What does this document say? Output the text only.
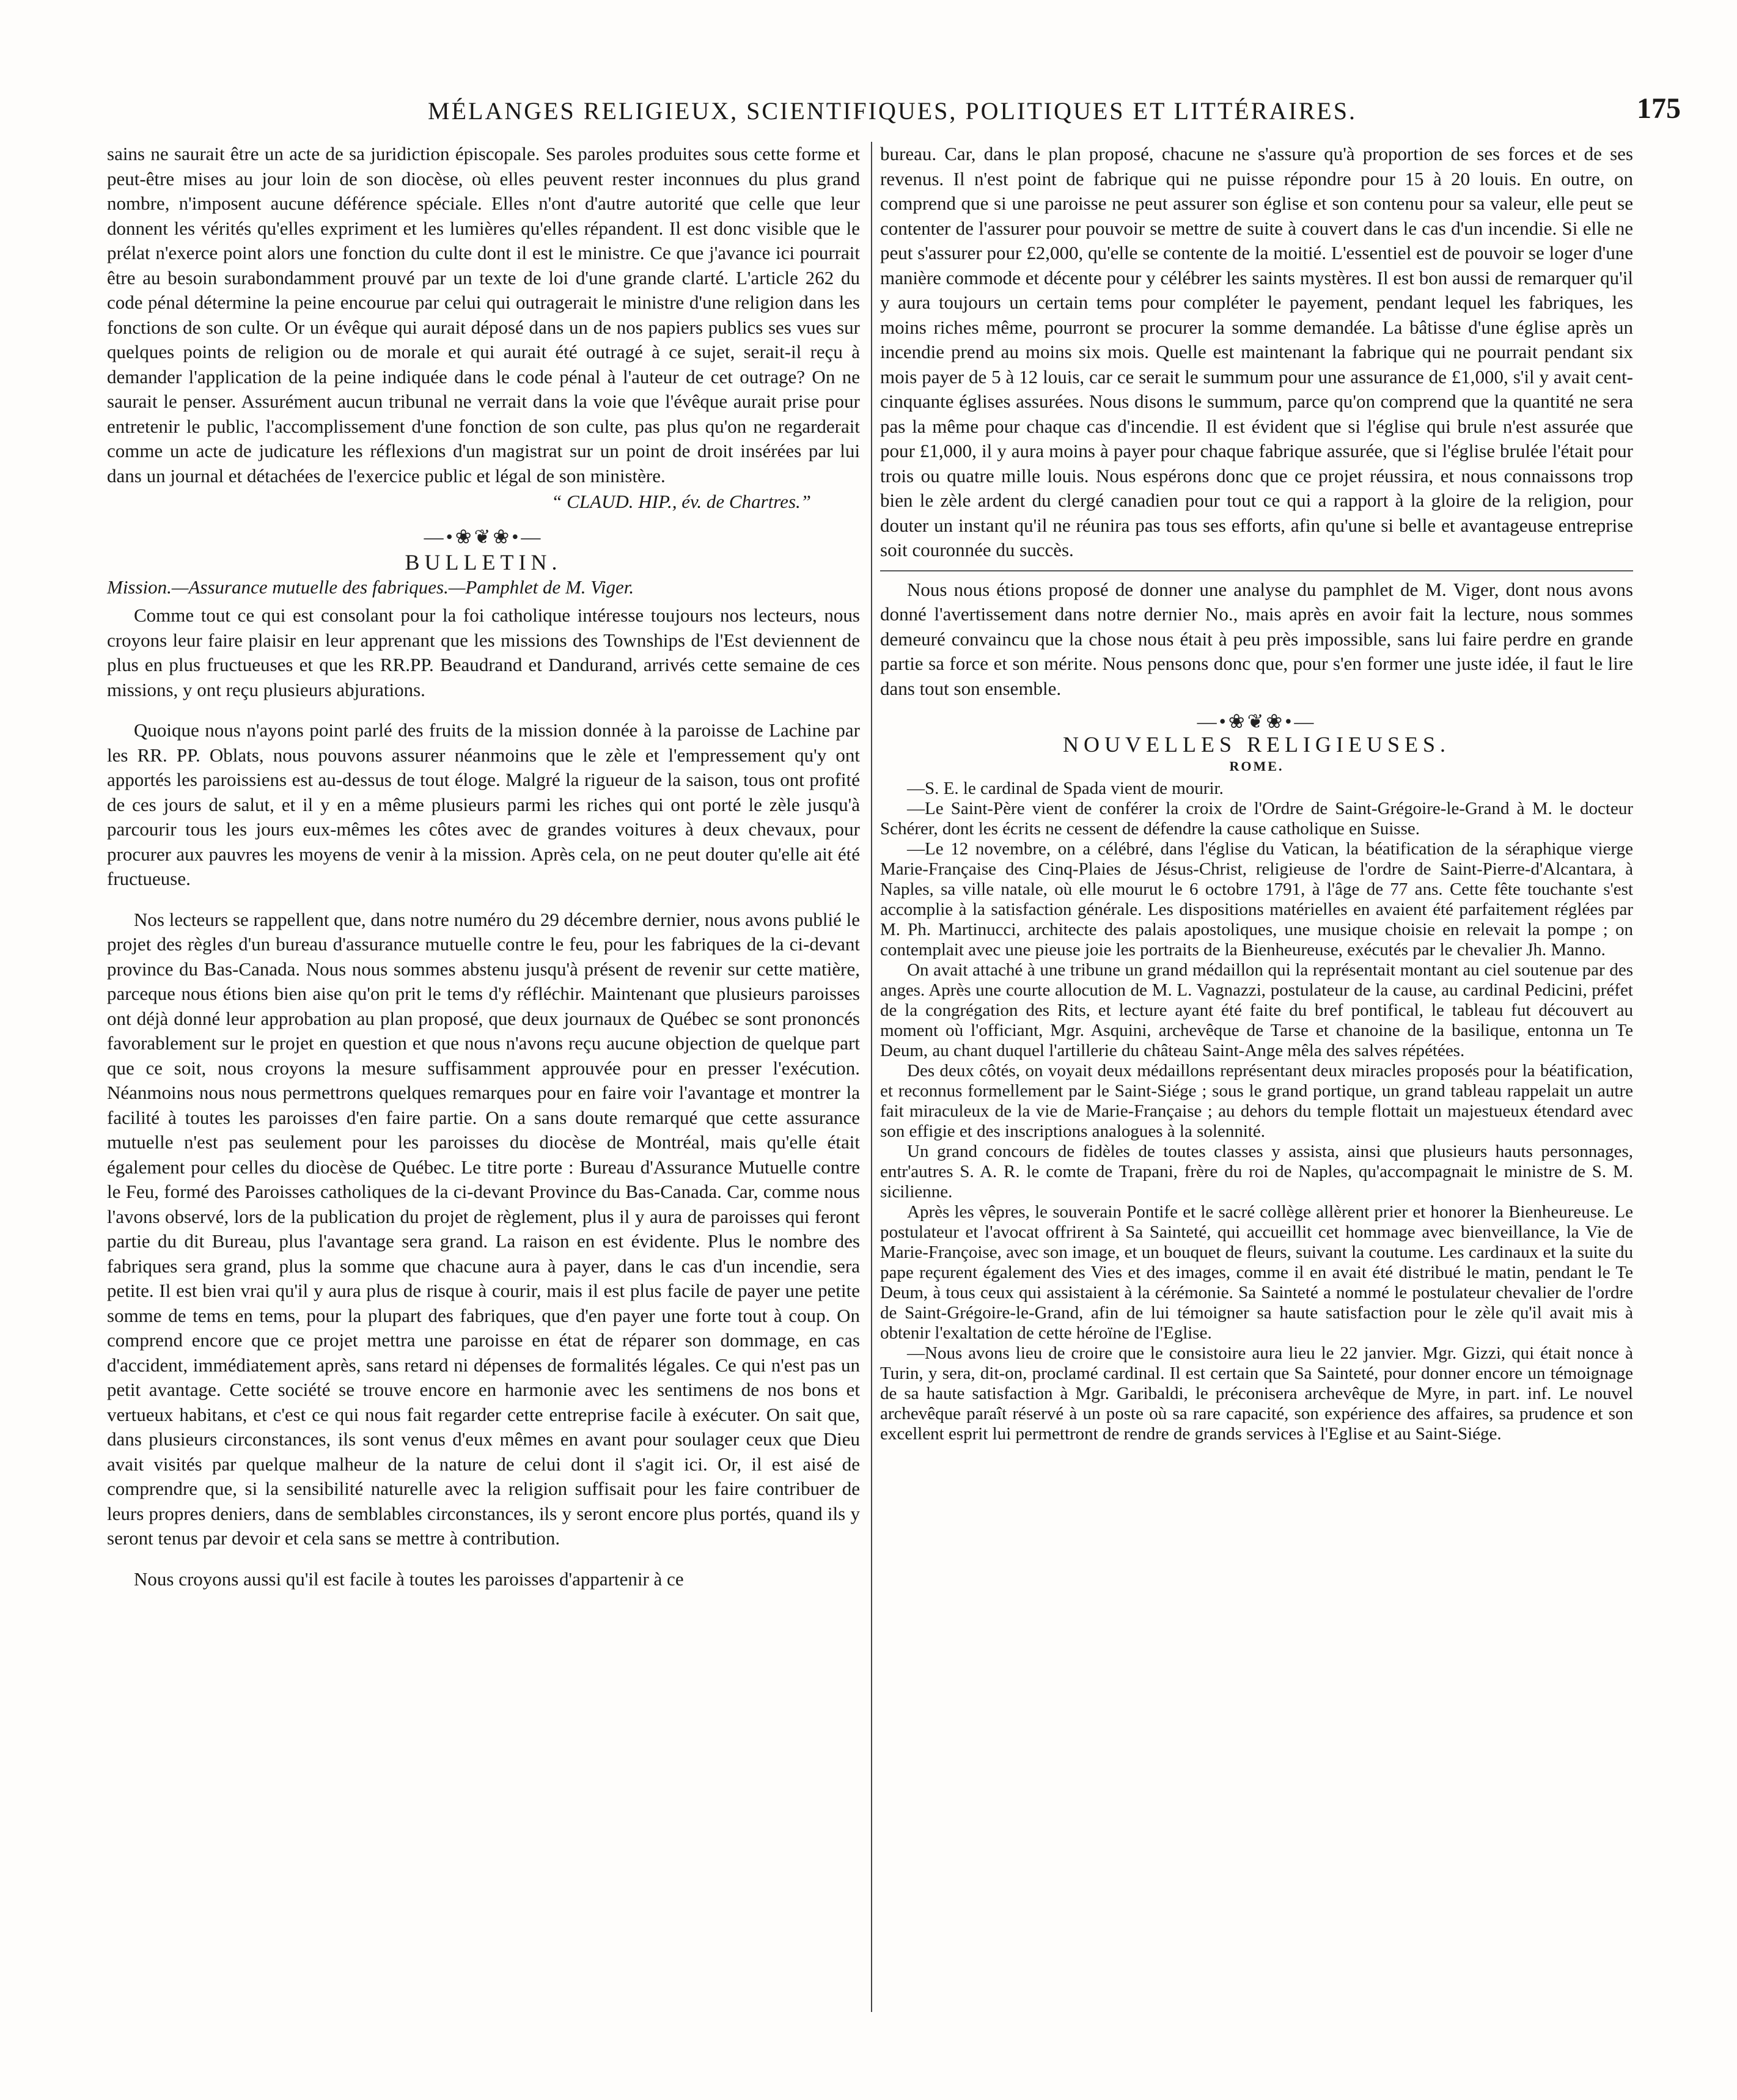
MÉLANGES RELIGIEUX, SCIENTIFIQUES, POLITIQUES ET LITTÉRAIRES.	175

sains ne saurait être un acte de sa juridiction épiscopale. Ses paroles produites sous cette forme et peut-être mises au jour loin de son diocèse, où elles peuvent rester inconnues du plus grand nombre, n'imposent aucune déférence spéciale. Elles n'ont d'autre autorité que celle que leur donnent les vérités qu'elles expriment et les lumières qu'elles répandent. Il est donc visible que le prélat n'exerce point alors une fonction du culte dont il est le ministre. Ce que j'avance ici pourrait être au besoin surabondamment prouvé par un texte de loi d'une grande clarté. L'article 262 du code pénal détermine la peine encourue par celui qui outragerait le ministre d'une religion dans les fonctions de son culte. Or un évêque qui aurait déposé dans un de nos papiers publics ses vues sur quelques points de religion ou de morale et qui aurait été outragé à ce sujet, serait-il reçu à demander l'application de la peine indiquée dans le code pénal à l'auteur de cet outrage? On ne saurait le penser. Assurément aucun tribunal ne verrait dans la voie que l'évêque aurait prise pour entretenir le public, l'accomplissement d'une fonction de son culte, pas plus qu'on ne regarderait comme un acte de judicature les réflexions d'un magistrat sur un point de droit insérées par lui dans un journal et détachées de l'exercice public et légal de son ministère.

“ CLAUD. HIP., év. de Chartres.”

—•❀❦❀•—

BULLETIN.

Mission.—Assurance mutuelle des fabriques.—Pamphlet de M. Viger.

Comme tout ce qui est consolant pour la foi catholique intéresse toujours nos lecteurs, nous croyons leur faire plaisir en leur apprenant que les missions des Townships de l'Est deviennent de plus en plus fructueuses et que les RR.PP. Beaudrand et Dandurand, arrivés cette semaine de ces missions, y ont reçu plusieurs abjurations.

Quoique nous n'ayons point parlé des fruits de la mission donnée à la paroisse de Lachine par les RR. PP. Oblats, nous pouvons assurer néanmoins que le zèle et l'empressement qu'y ont apportés les paroissiens est au-dessus de tout éloge. Malgré la rigueur de la saison, tous ont profité de ces jours de salut, et il y en a même plusieurs parmi les riches qui ont porté le zèle jusqu'à parcourir tous les jours eux-mêmes les côtes avec de grandes voitures à deux chevaux, pour procurer aux pauvres les moyens de venir à la mission. Après cela, on ne peut douter qu'elle ait été fructueuse.

Nos lecteurs se rappellent que, dans notre numéro du 29 décembre dernier, nous avons publié le projet des règles d'un bureau d'assurance mutuelle contre le feu, pour les fabriques de la ci-devant province du Bas-Canada. Nous nous sommes abstenu jusqu'à présent de revenir sur cette matière, parceque nous étions bien aise qu'on prit le tems d'y réfléchir. Maintenant que plusieurs paroisses ont déjà donné leur approbation au plan proposé, que deux journaux de Québec se sont prononcés favorablement sur le projet en question et que nous n'avons reçu aucune objection de quelque part que ce soit, nous croyons la mesure suffisamment approuvée pour en presser l'exécution. Néanmoins nous nous permettrons quelques remarques pour en faire voir l'avantage et montrer la facilité à toutes les paroisses d'en faire partie. On a sans doute remarqué que cette assurance mutuelle n'est pas seulement pour les paroisses du diocèse de Montréal, mais qu'elle était également pour celles du diocèse de Québec. Le titre porte : Bureau d'Assurance Mutuelle contre le Feu, formé des Paroisses catholiques de la ci-devant Province du Bas-Canada. Car, comme nous l'avons observé, lors de la publication du projet de règlement, plus il y aura de paroisses qui feront partie du dit Bureau, plus l'avantage sera grand. La raison en est évidente. Plus le nombre des fabriques sera grand, plus la somme que chacune aura à payer, dans le cas d'un incendie, sera petite. Il est bien vrai qu'il y aura plus de risque à courir, mais il est plus facile de payer une petite somme de tems en tems, pour la plupart des fabriques, que d'en payer une forte tout à coup. On comprend encore que ce projet mettra une paroisse en état de réparer son dommage, en cas d'accident, immédiatement après, sans retard ni dépenses de formalités légales. Ce qui n'est pas un petit avantage. Cette société se trouve encore en harmonie avec les sentimens de nos bons et vertueux habitans, et c'est ce qui nous fait regarder cette entreprise facile à exécuter. On sait que, dans plusieurs circonstances, ils sont venus d'eux mêmes en avant pour soulager ceux que Dieu avait visités par quelque malheur de la nature de celui dont il s'agit ici. Or, il est aisé de comprendre que, si la sensibilité naturelle avec la religion suffisait pour les faire contribuer de leurs propres deniers, dans de semblables circonstances, ils y seront encore plus portés, quand ils y seront tenus par devoir et cela sans se mettre à contribution.

Nous croyons aussi qu'il est facile à toutes les paroisses d'appartenir à ce

bureau. Car, dans le plan proposé, chacune ne s'assure qu'à proportion de ses forces et de ses revenus. Il n'est point de fabrique qui ne puisse répondre pour 15 à 20 louis. En outre, on comprend que si une paroisse ne peut assurer son église et son contenu pour sa valeur, elle peut se contenter de l'assurer pour pouvoir se mettre de suite à couvert dans le cas d'un incendie. Si elle ne peut s'assurer pour £2,000, qu'elle se contente de la moitié. L'essentiel est de pouvoir se loger d'une manière commode et décente pour y célébrer les saints mystères. Il est bon aussi de remarquer qu'il y aura toujours un certain tems pour compléter le payement, pendant lequel les fabriques, les moins riches même, pourront se procurer la somme demandée. La bâtisse d'une église après un incendie prend au moins six mois. Quelle est maintenant la fabrique qui ne pourrait pendant six mois payer de 5 à 12 louis, car ce serait le summum pour une assurance de £1,000, s'il y avait cent-cinquante églises assurées. Nous disons le summum, parce qu'on comprend que la quantité ne sera pas la même pour chaque cas d'incendie. Il est évident que si l'église qui brule n'est assurée que pour £1,000, il y aura moins à payer pour chaque fabrique assurée, que si l'église brulée l'était pour trois ou quatre mille louis. Nous espérons donc que ce projet réussira, et nous connaissons trop bien le zèle ardent du clergé canadien pour tout ce qui a rapport à la gloire de la religion, pour douter un instant qu'il ne réunira pas tous ses efforts, afin qu'une si belle et avantageuse entreprise soit couronnée du succès.

Nous nous étions proposé de donner une analyse du pamphlet de M. Viger, dont nous avons donné l'avertissement dans notre dernier No., mais après en avoir fait la lecture, nous sommes demeuré convaincu que la chose nous était à peu près impossible, sans lui faire perdre en grande partie sa force et son mérite. Nous pensons donc que, pour s'en former une juste idée, il faut le lire dans tout son ensemble.

—•❀❦❀•—

NOUVELLES RELIGIEUSES.

ROME.

—S. E. le cardinal de Spada vient de mourir.

—Le Saint-Père vient de conférer la croix de l'Ordre de Saint-Grégoire-le-Grand à M. le docteur Schérer, dont les écrits ne cessent de défendre la cause catholique en Suisse.

—Le 12 novembre, on a célébré, dans l'église du Vatican, la béatification de la séraphique vierge Marie-Française des Cinq-Plaies de Jésus-Christ, religieuse de l'ordre de Saint-Pierre-d'Alcantara, à Naples, sa ville natale, où elle mourut le 6 octobre 1791, à l'âge de 77 ans. Cette fête touchante s'est accomplie à la satisfaction générale. Les dispositions matérielles en avaient été parfaitement réglées par M. Ph. Martinucci, architecte des palais apostoliques, une musique choisie en relevait la pompe ; on contemplait avec une pieuse joie les portraits de la Bienheureuse, exécutés par le chevalier Jh. Manno.

On avait attaché à une tribune un grand médaillon qui la représentait montant au ciel soutenue par des anges. Après une courte allocution de M. L. Vagnazzi, postulateur de la cause, au cardinal Pedicini, préfet de la congrégation des Rits, et lecture ayant été faite du bref pontifical, le tableau fut découvert au moment où l'officiant, Mgr. Asquini, archevêque de Tarse et chanoine de la basilique, entonna un Te Deum, au chant duquel l'artillerie du château Saint-Ange mêla des salves répétées.

Des deux côtés, on voyait deux médaillons représentant deux miracles proposés pour la béatification, et reconnus formellement par le Saint-Siége ; sous le grand portique, un grand tableau rappelait un autre fait miraculeux de la vie de Marie-Française ; au dehors du temple flottait un majestueux étendard avec son effigie et des inscriptions analogues à la solennité.

Un grand concours de fidèles de toutes classes y assista, ainsi que plusieurs hauts personnages, entr'autres S. A. R. le comte de Trapani, frère du roi de Naples, qu'accompagnait le ministre de S. M. sicilienne.

Après les vêpres, le souverain Pontife et le sacré collège allèrent prier et honorer la Bienheureuse. Le postulateur et l'avocat offrirent à Sa Sainteté, qui accueillit cet hommage avec bienveillance, la Vie de Marie-Françoise, avec son image, et un bouquet de fleurs, suivant la coutume. Les cardinaux et la suite du pape reçurent également des Vies et des images, comme il en avait été distribué le matin, pendant le Te Deum, à tous ceux qui assistaient à la cérémonie. Sa Sainteté a nommé le postulateur chevalier de l'ordre de Saint-Grégoire-le-Grand, afin de lui témoigner sa haute satisfaction pour le zèle qu'il avait mis à obtenir l'exaltation de cette héroïne de l'Eglise.

—Nous avons lieu de croire que le consistoire aura lieu le 22 janvier. Mgr. Gizzi, qui était nonce à Turin, y sera, dit-on, proclamé cardinal. Il est certain que Sa Sainteté, pour donner encore un témoignage de sa haute satisfaction à Mgr. Garibaldi, le préconisera archevêque de Myre, in part. inf. Le nouvel archevêque paraît réservé à un poste où sa rare capacité, son expérience des affaires, sa prudence et son excellent esprit lui permettront de rendre de grands services à l'Eglise et au Saint-Siége.
